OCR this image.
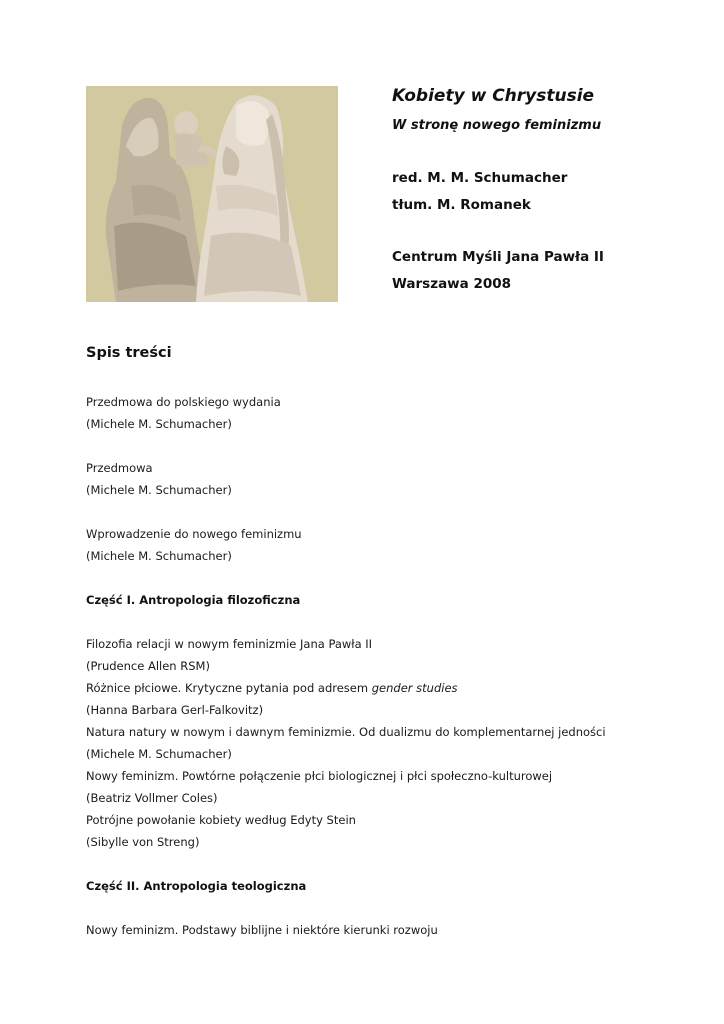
Kobiety w Chrystusie
W stronę nowego feminizmu
red. M. M. Schumacher
tłum. M. Romanek
Centrum Myśli Jana Pawła II
Warszawa 2008
Spis treści
Przedmowa do polskiego wydania
(Michele M. Schumacher)
Przedmowa
(Michele M. Schumacher)
Wprowadzenie do nowego feminizmu
(Michele M. Schumacher)
Część I. Antropologia filozoficzna
Filozofia relacji w nowym feminizmie Jana Pawła II
(Prudence Allen RSM)
Różnice płciowe. Krytyczne pytania pod adresem gender studies
(Hanna Barbara Gerl-Falkovitz)
Natura natury w nowym i dawnym feminizmie. Od dualizmu do komplementarnej jedności
(Michele M. Schumacher)
Nowy feminizm. Powtórne połączenie płci biologicznej i płci społeczno-kulturowej
(Beatriz Vollmer Coles)
Potrójne powołanie kobiety według Edyty Stein
(Sibylle von Streng)
Część II. Antropologia teologiczna
Nowy feminizm. Podstawy biblijne i niektóre kierunki rozwoju
